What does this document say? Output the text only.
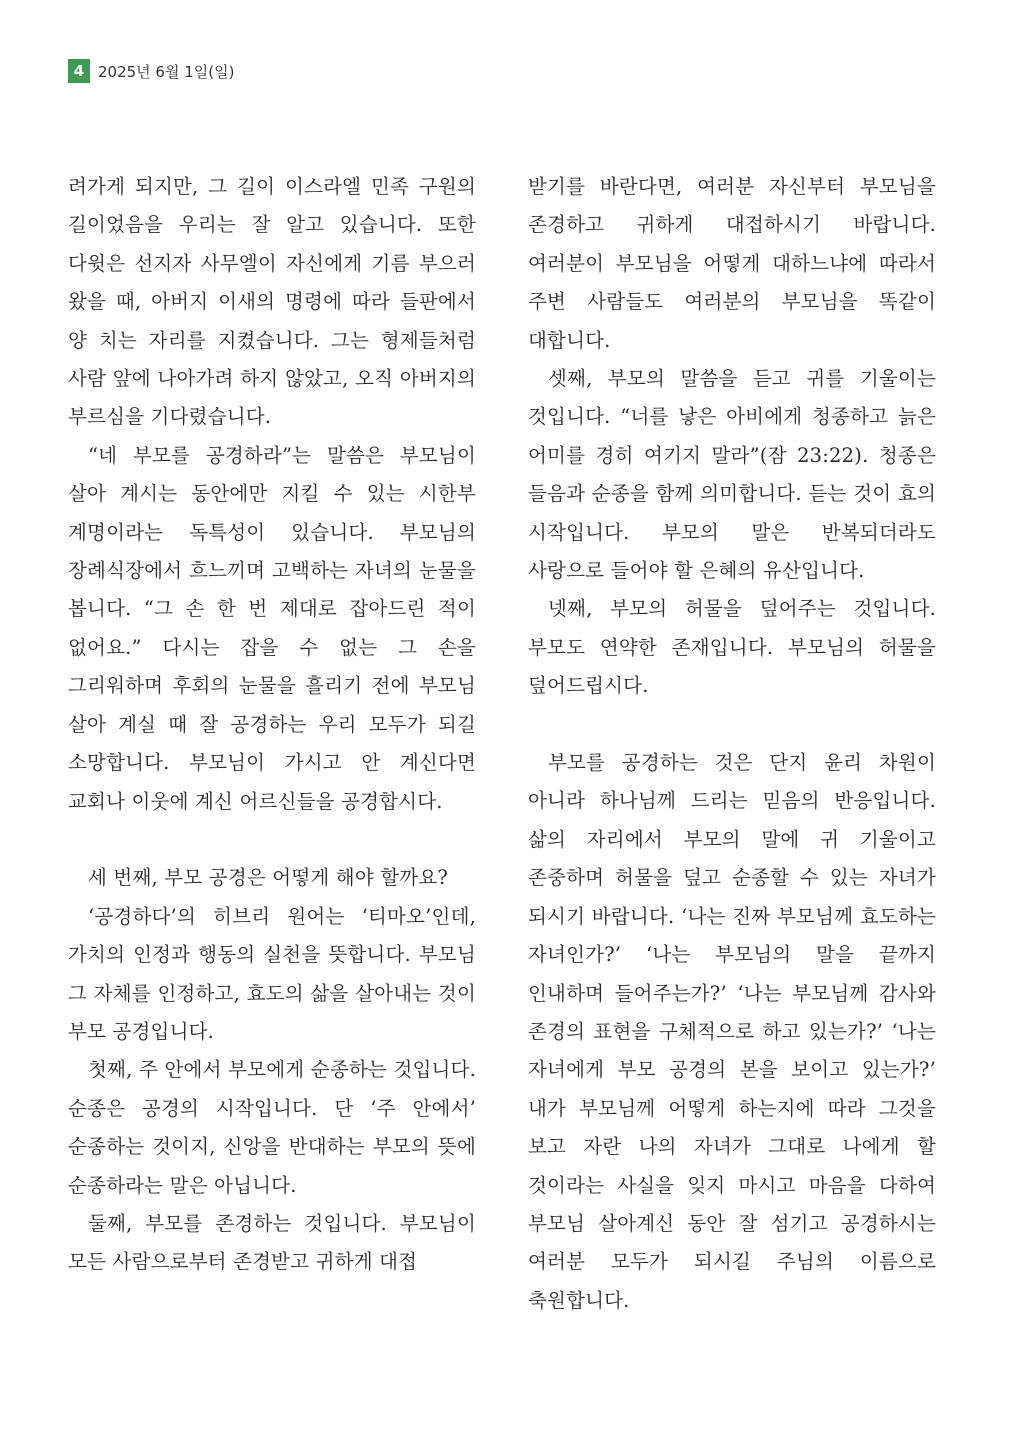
4 2025년 6월 1일(일)

려가게 되지만, 그 길이 이스라엘 민족 구원의 길이었음을 우리는 잘 알고 있습니다. 또한 다윗은 선지자 사무엘이 자신에게 기름 부으러 왔을 때, 아버지 이새의 명령에 따라 들판에서 양 치는 자리를 지켰습니다. 그는 형제들처럼 사람 앞에 나아가려 하지 않았고, 오직 아버지의 부르심을 기다렸습니다.

“네 부모를 공경하라”는 말씀은 부모님이 살아 계시는 동안에만 지킬 수 있는 시한부 계명이라는 독특성이 있습니다. 부모님의 장례식장에서 흐느끼며 고백하는 자녀의 눈물을 봅니다. “그 손 한 번 제대로 잡아드린 적이 없어요.” 다시는 잡을 수 없는 그 손을 그리워하며 후회의 눈물을 흘리기 전에 부모님 살아 계실 때 잘 공경하는 우리 모두가 되길 소망합니다. 부모님이 가시고 안 계신다면 교회나 이웃에 계신 어르신들을 공경합시다.

세 번째, 부모 공경은 어떻게 해야 할까요?

‘공경하다’의 히브리 원어는 ‘티마오’인데, 가치의 인정과 행동의 실천을 뜻합니다. 부모님 그 자체를 인정하고, 효도의 삶을 살아내는 것이 부모 공경입니다.

첫째, 주 안에서 부모에게 순종하는 것입니다. 순종은 공경의 시작입니다. 단 ‘주 안에서’ 순종하는 것이지, 신앙을 반대하는 부모의 뜻에 순종하라는 말은 아닙니다.

둘째, 부모를 존경하는 것입니다. 부모님이 모든 사람으로부터 존경받고 귀하게 대접

받기를 바란다면, 여러분 자신부터 부모님을 존경하고 귀하게 대접하시기 바랍니다. 여러분이 부모님을 어떻게 대하느냐에 따라서 주변 사람들도 여러분의 부모님을 똑같이 대합니다.

셋째, 부모의 말씀을 듣고 귀를 기울이는 것입니다. “너를 낳은 아비에게 청종하고 늙은 어미를 경히 여기지 말라”(잠 23:22). 청종은 들음과 순종을 함께 의미합니다. 듣는 것이 효의 시작입니다. 부모의 말은 반복되더라도 사랑으로 들어야 할 은혜의 유산입니다.

넷째, 부모의 허물을 덮어주는 것입니다. 부모도 연약한 존재입니다. 부모님의 허물을 덮어드립시다.

부모를 공경하는 것은 단지 윤리 차원이 아니라 하나님께 드리는 믿음의 반응입니다. 삶의 자리에서 부모의 말에 귀 기울이고 존중하며 허물을 덮고 순종할 수 있는 자녀가 되시기 바랍니다. ‘나는 진짜 부모님께 효도하는 자녀인가?’ ‘나는 부모님의 말을 끝까지 인내하며 들어주는가?’ ‘나는 부모님께 감사와 존경의 표현을 구체적으로 하고 있는가?’ ‘나는 자녀에게 부모 공경의 본을 보이고 있는가?’ 내가 부모님께 어떻게 하는지에 따라 그것을 보고 자란 나의 자녀가 그대로 나에게 할 것이라는 사실을 잊지 마시고 마음을 다하여 부모님 살아계신 동안 잘 섬기고 공경하시는 여러분 모두가 되시길 주님의 이름으로 축원합니다.
